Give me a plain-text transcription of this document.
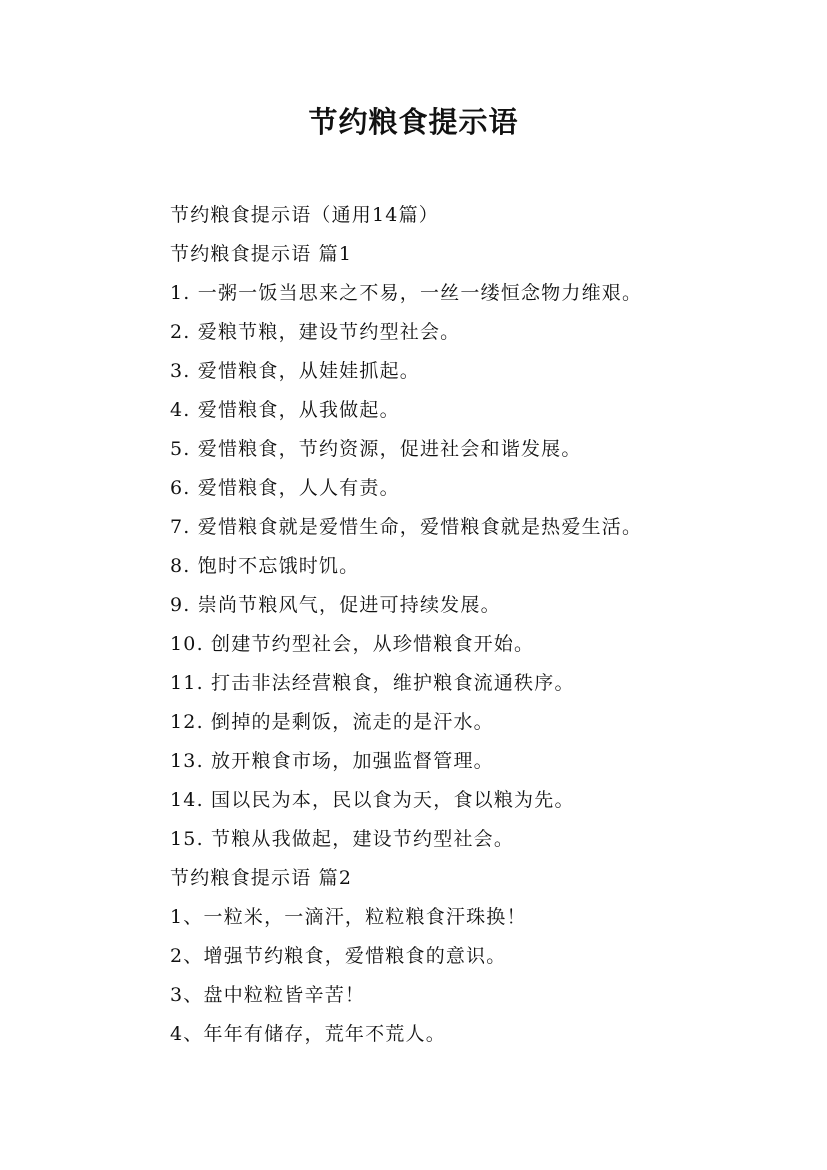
节约粮食提示语
节约粮食提示语（通用14篇）
节约粮食提示语 篇1
1. 一粥一饭当思来之不易，一丝一缕恒念物力维艰。
2. 爱粮节粮，建设节约型社会。
3. 爱惜粮食，从娃娃抓起。
4. 爱惜粮食，从我做起。
5. 爱惜粮食，节约资源，促进社会和谐发展。
6. 爱惜粮食，人人有责。
7. 爱惜粮食就是爱惜生命，爱惜粮食就是热爱生活。
8. 饱时不忘饿时饥。
9. 崇尚节粮风气，促进可持续发展。
10. 创建节约型社会，从珍惜粮食开始。
11. 打击非法经营粮食，维护粮食流通秩序。
12. 倒掉的是剩饭，流走的是汗水。
13. 放开粮食市场，加强监督管理。
14. 国以民为本，民以食为天，食以粮为先。
15. 节粮从我做起，建设节约型社会。
节约粮食提示语 篇2
1、一粒米，一滴汗，粒粒粮食汗珠换！
2、增强节约粮食，爱惜粮食的意识。
3、盘中粒粒皆辛苦！
4、年年有储存，荒年不荒人。
